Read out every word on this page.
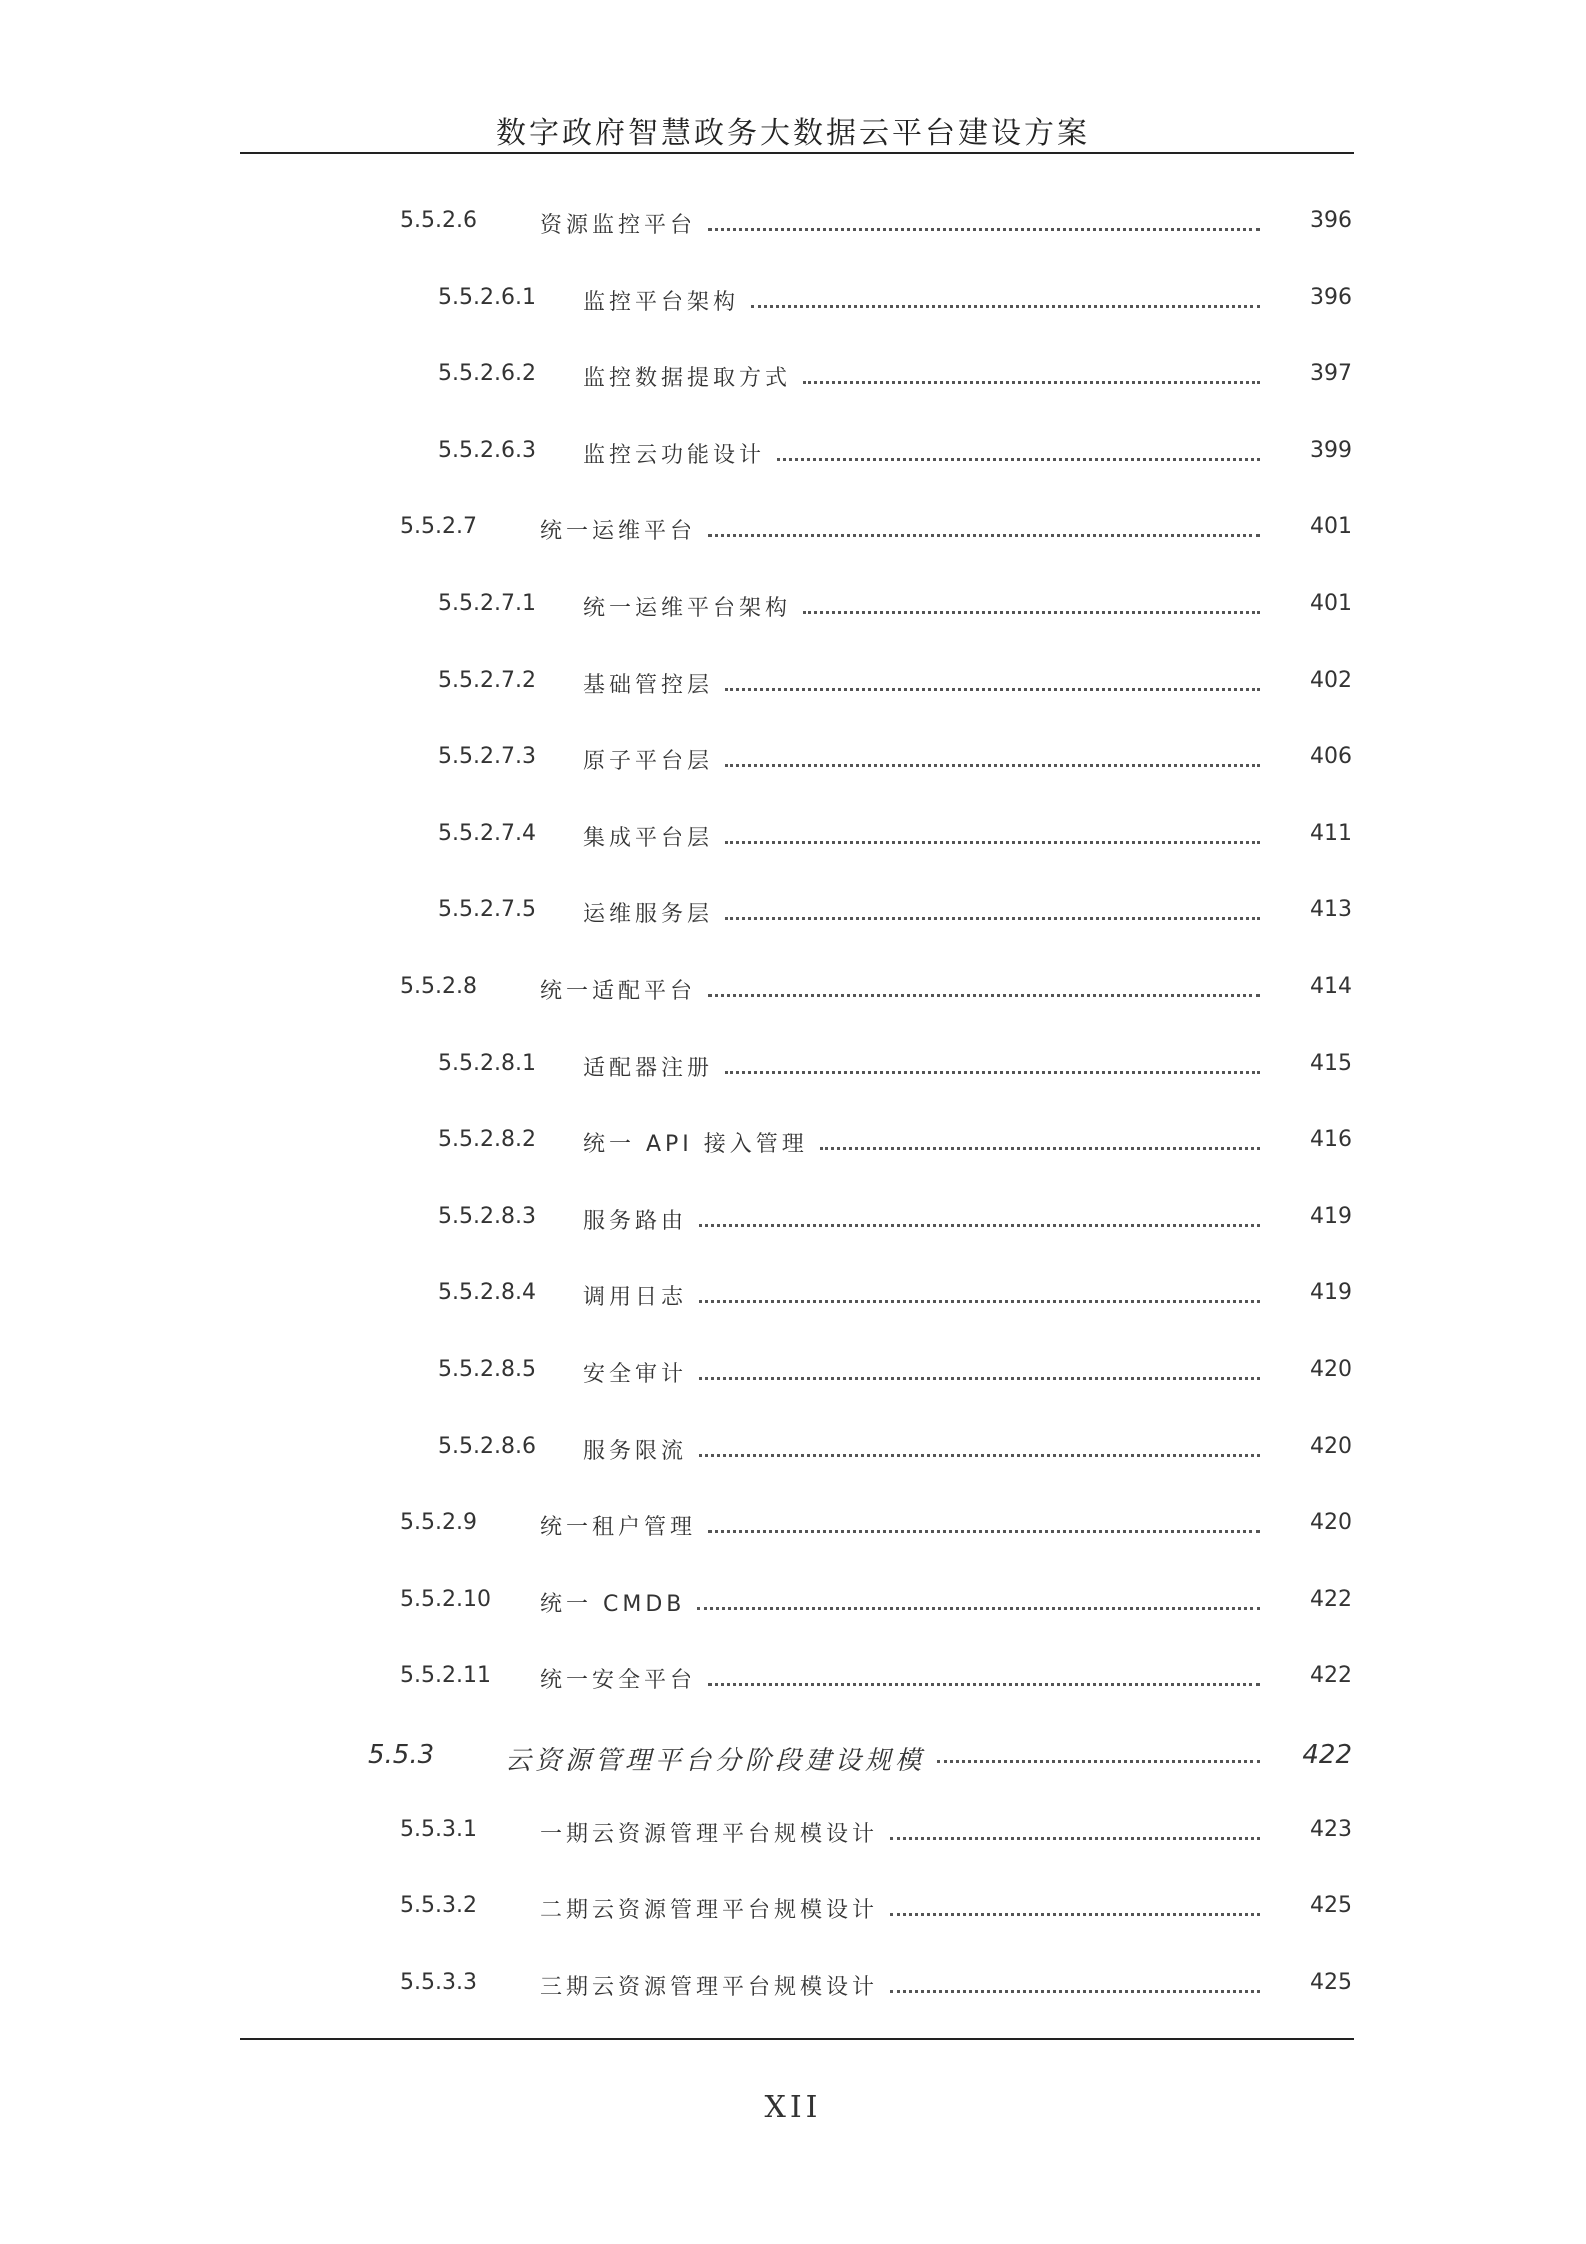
数字政府智慧政务大数据云平台建设方案
5.5.2.6	资源监控平台	396
5.5.2.6.1 监控平台架构	396
5.5.2.6.2 监控数据提取方式	397
5.5.2.6.3 监控云功能设计	399
5.5.2.7	统一运维平台	401
5.5.2.7.1 统一运维平台架构	401
5.5.2.7.2 基础管控层	402
5.5.2.7.3 原子平台层	406
5.5.2.7.4 集成平台层	411
5.5.2.7.5 运维服务层	413
5.5.2.8	统一适配平台	414
5.5.2.8.1 适配器注册	415
5.5.2.8.2 统一 API 接入管理	416
5.5.2.8.3 服务路由	419
5.5.2.8.4 调用日志	419
5.5.2.8.5 安全审计	420
5.5.2.8.6 服务限流	420
5.5.2.9	统一租户管理	420
5.5.2.10 统一 CMDB	422
5.5.2.11 统一安全平台	422
5.5.3	云资源管理平台分阶段建设规模	422
5.5.3.1	一期云资源管理平台规模设计	423
5.5.3.2	二期云资源管理平台规模设计	425
5.5.3.3	三期云资源管理平台规模设计	425
XII
